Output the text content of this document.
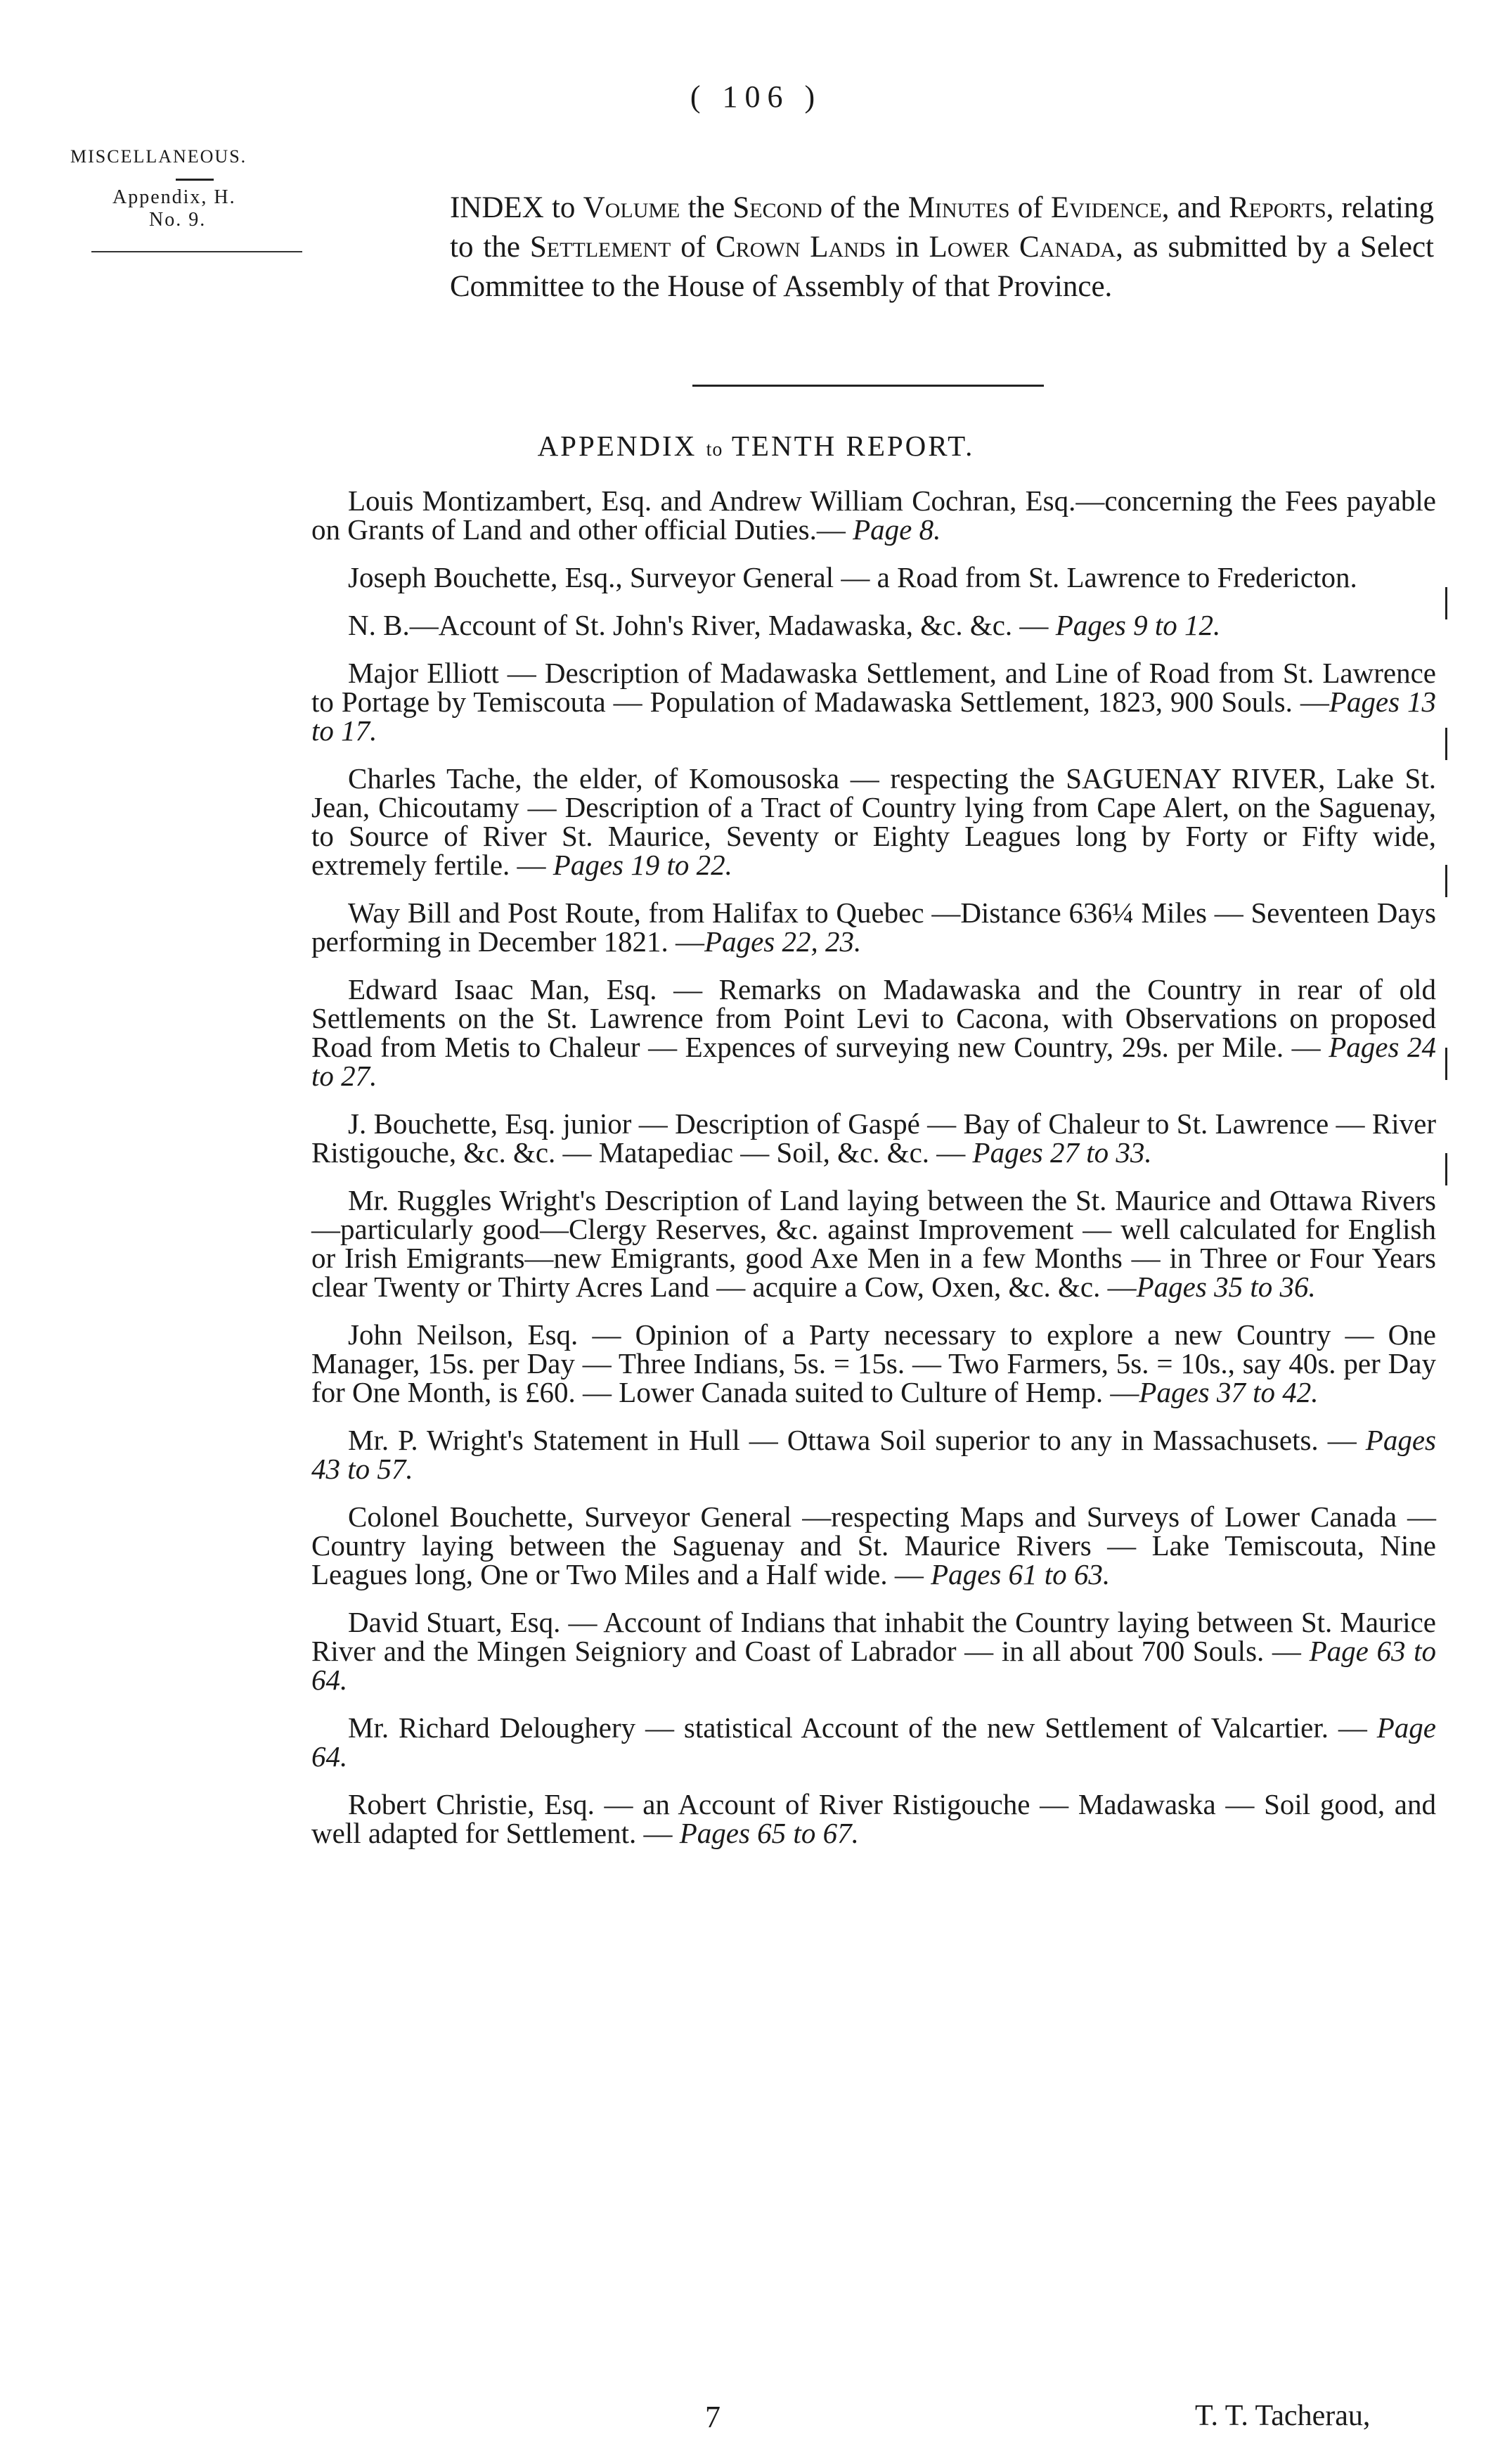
( 106 )
MISCELLANEOUS.
Appendix, H.
No. 9.	INDEX to Volume the Second of the Minutes of Evidence, and Reports, relating to the Settlement of Crown Lands in Lower Canada, as submitted by a Select Committee to the House of Assembly of that Province.
APPENDIX to TENTH REPORT.

Louis Montizambert, Esq. and Andrew William Cochran, Esq.—concerning the Fees payable on Grants of Land and other official Duties.— Page 8.

Joseph Bouchette, Esq., Surveyor General — a Road from St. Lawrence to Fredericton.

N. B.—Account of St. John's River, Madawaska, &c. &c. — Pages 9 to 12.

Major Elliott — Description of Madawaska Settlement, and Line of Road from St. Lawrence to Portage by Temiscouta — Population of Madawaska Settlement, 1823, 900 Souls. —Pages 13 to 17.

Charles Tache, the elder, of Komousoska — respecting the SAGUENAY RIVER, Lake St. Jean, Chicoutamy — Description of a Tract of Country lying from Cape Alert, on the Saguenay, to Source of River St. Maurice, Seventy or Eighty Leagues long by Forty or Fifty wide, extremely fertile. — Pages 19 to 22.

Way Bill and Post Route, from Halifax to Quebec —Distance 636¼ Miles — Seventeen Days performing in December 1821. —Pages 22, 23.

Edward Isaac Man, Esq. — Remarks on Madawaska and the Country in rear of old Settlements on the St. Lawrence from Point Levi to Cacona, with Observations on proposed Road from Metis to Chaleur — Expences of surveying new Country, 29s. per Mile. — Pages 24 to 27.

J. Bouchette, Esq. junior — Description of Gaspé — Bay of Chaleur to St. Lawrence — River Ristigouche, &c. &c. — Matapediac — Soil, &c. &c. — Pages 27 to 33.

Mr. Ruggles Wright's Description of Land laying between the St. Maurice and Ottawa Rivers—particularly good—Clergy Reserves, &c. against Improvement — well calculated for English or Irish Emigrants—new Emigrants, good Axe Men in a few Months — in Three or Four Years clear Twenty or Thirty Acres Land — acquire a Cow, Oxen, &c. &c. —Pages 35 to 36.

John Neilson, Esq. — Opinion of a Party necessary to explore a new Country — One Manager, 15s. per Day — Three Indians, 5s. = 15s. — Two Farmers, 5s. = 10s., say 40s. per Day for One Month, is £60. — Lower Canada suited to Culture of Hemp. —Pages 37 to 42.

Mr. P. Wright's Statement in Hull — Ottawa Soil superior to any in Massachusets. — Pages 43 to 57.

Colonel Bouchette, Surveyor General —respecting Maps and Surveys of Lower Canada — Country laying between the Saguenay and St. Maurice Rivers — Lake Temiscouta, Nine Leagues long, One or Two Miles and a Half wide. — Pages 61 to 63.

David Stuart, Esq. — Account of Indians that inhabit the Country laying between St. Maurice River and the Mingen Seigniory and Coast of Labrador — in all about 700 Souls. — Page 63 to 64.

Mr. Richard Deloughery — statistical Account of the new Settlement of Valcartier. — Page 64.

Robert Christie, Esq. — an Account of River Ristigouche — Madawaska — Soil good, and well adapted for Settlement. — Pages 65 to 67.

7	T. T. Tacherau,
